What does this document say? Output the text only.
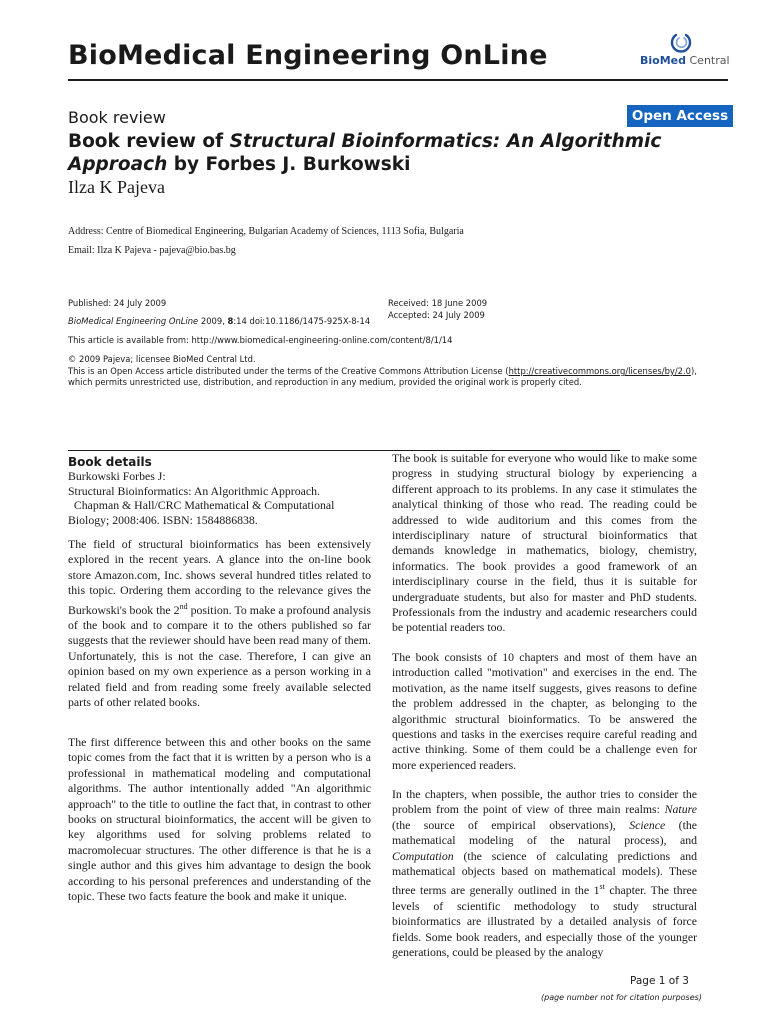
BioMedical Engineering OnLine	BioMed Central
Book review	Open Access
Book review of Structural Bioinformatics: An Algorithmic Approach by Forbes J. Burkowski
Ilza K Pajeva
Address: Centre of Biomedical Engineering, Bulgarian Academy of Sciences, 1113 Sofia, Bulgaria
Email: Ilza K Pajeva - pajeva@bio.bas.bg
Published: 24 July 2009
BioMedical Engineering OnLine 2009, 8:14 doi:10.1186/1475-925X-8-14
Received: 18 June 2009
Accepted: 24 July 2009
This article is available from: http://www.biomedical-engineering-online.com/content/8/1/14
© 2009 Pajeva; licensee BioMed Central Ltd.
This is an Open Access article distributed under the terms of the Creative Commons Attribution License (http://creativecommons.org/licenses/by/2.0),
which permits unrestricted use, distribution, and reproduction in any medium, provided the original work is properly cited.
Book details
Burkowski Forbes J:
Structural Bioinformatics: An Algorithmic Approach.
Chapman & Hall/CRC Mathematical & Computational
Biology; 2008:406. ISBN: 1584886838.

The field of structural bioinformatics has been extensively explored in the recent years. A glance into the on-line book store Amazon.com, Inc. shows several hundred titles related to this topic. Ordering them according to the relevance gives the Burkowski's book the 2nd position. To make a profound analysis of the book and to compare it to the others published so far suggests that the reviewer should have been read many of them. Unfortunately, this is not the case. Therefore, I can give an opinion based on my own experience as a person working in a related field and from reading some freely available selected parts of other related books.

The first difference between this and other books on the same topic comes from the fact that it is written by a person who is a professional in mathematical modeling and computational algorithms. The author intentionally added "An algorithmic approach" to the title to outline the fact that, in contrast to other books on structural bioinformatics, the accent will be given to key algorithms used for solving problems related to macromolecuar structures. The other difference is that he is a single author and this gives him advantage to design the book according to his personal preferences and understanding of the topic. These two facts feature the book and make it unique.

The book is suitable for everyone who would like to make some progress in studying structural biology by experiencing a different approach to its problems. In any case it stimulates the analytical thinking of those who read. The reading could be addressed to wide auditorium and this comes from the interdisciplinary nature of structural bioinformatics that demands knowledge in mathematics, biology, chemistry, informatics. The book provides a good framework of an interdisciplinary course in the field, thus it is suitable for undergraduate students, but also for master and PhD students. Professionals from the industry and academic researchers could be potential readers too.

The book consists of 10 chapters and most of them have an introduction called "motivation" and exercises in the end. The motivation, as the name itself suggests, gives reasons to define the problem addressed in the chapter, as belonging to the algorithmic structural bioinformatics. To be answered the questions and tasks in the exercises require careful reading and active thinking. Some of them could be a challenge even for more experienced readers.

In the chapters, when possible, the author tries to consider the problem from the point of view of three main realms: Nature (the source of empirical observations), Science (the mathematical modeling of the natural process), and Computation (the science of calculating predictions and mathematical objects based on mathematical models). These three terms are generally outlined in the 1st chapter. The three levels of scientific methodology to study structural bioinformatics are illustrated by a detailed analysis of force fields. Some book readers, and especially those of the younger generations, could be pleased by the analogy

Page 1 of 3
(page number not for citation purposes)
